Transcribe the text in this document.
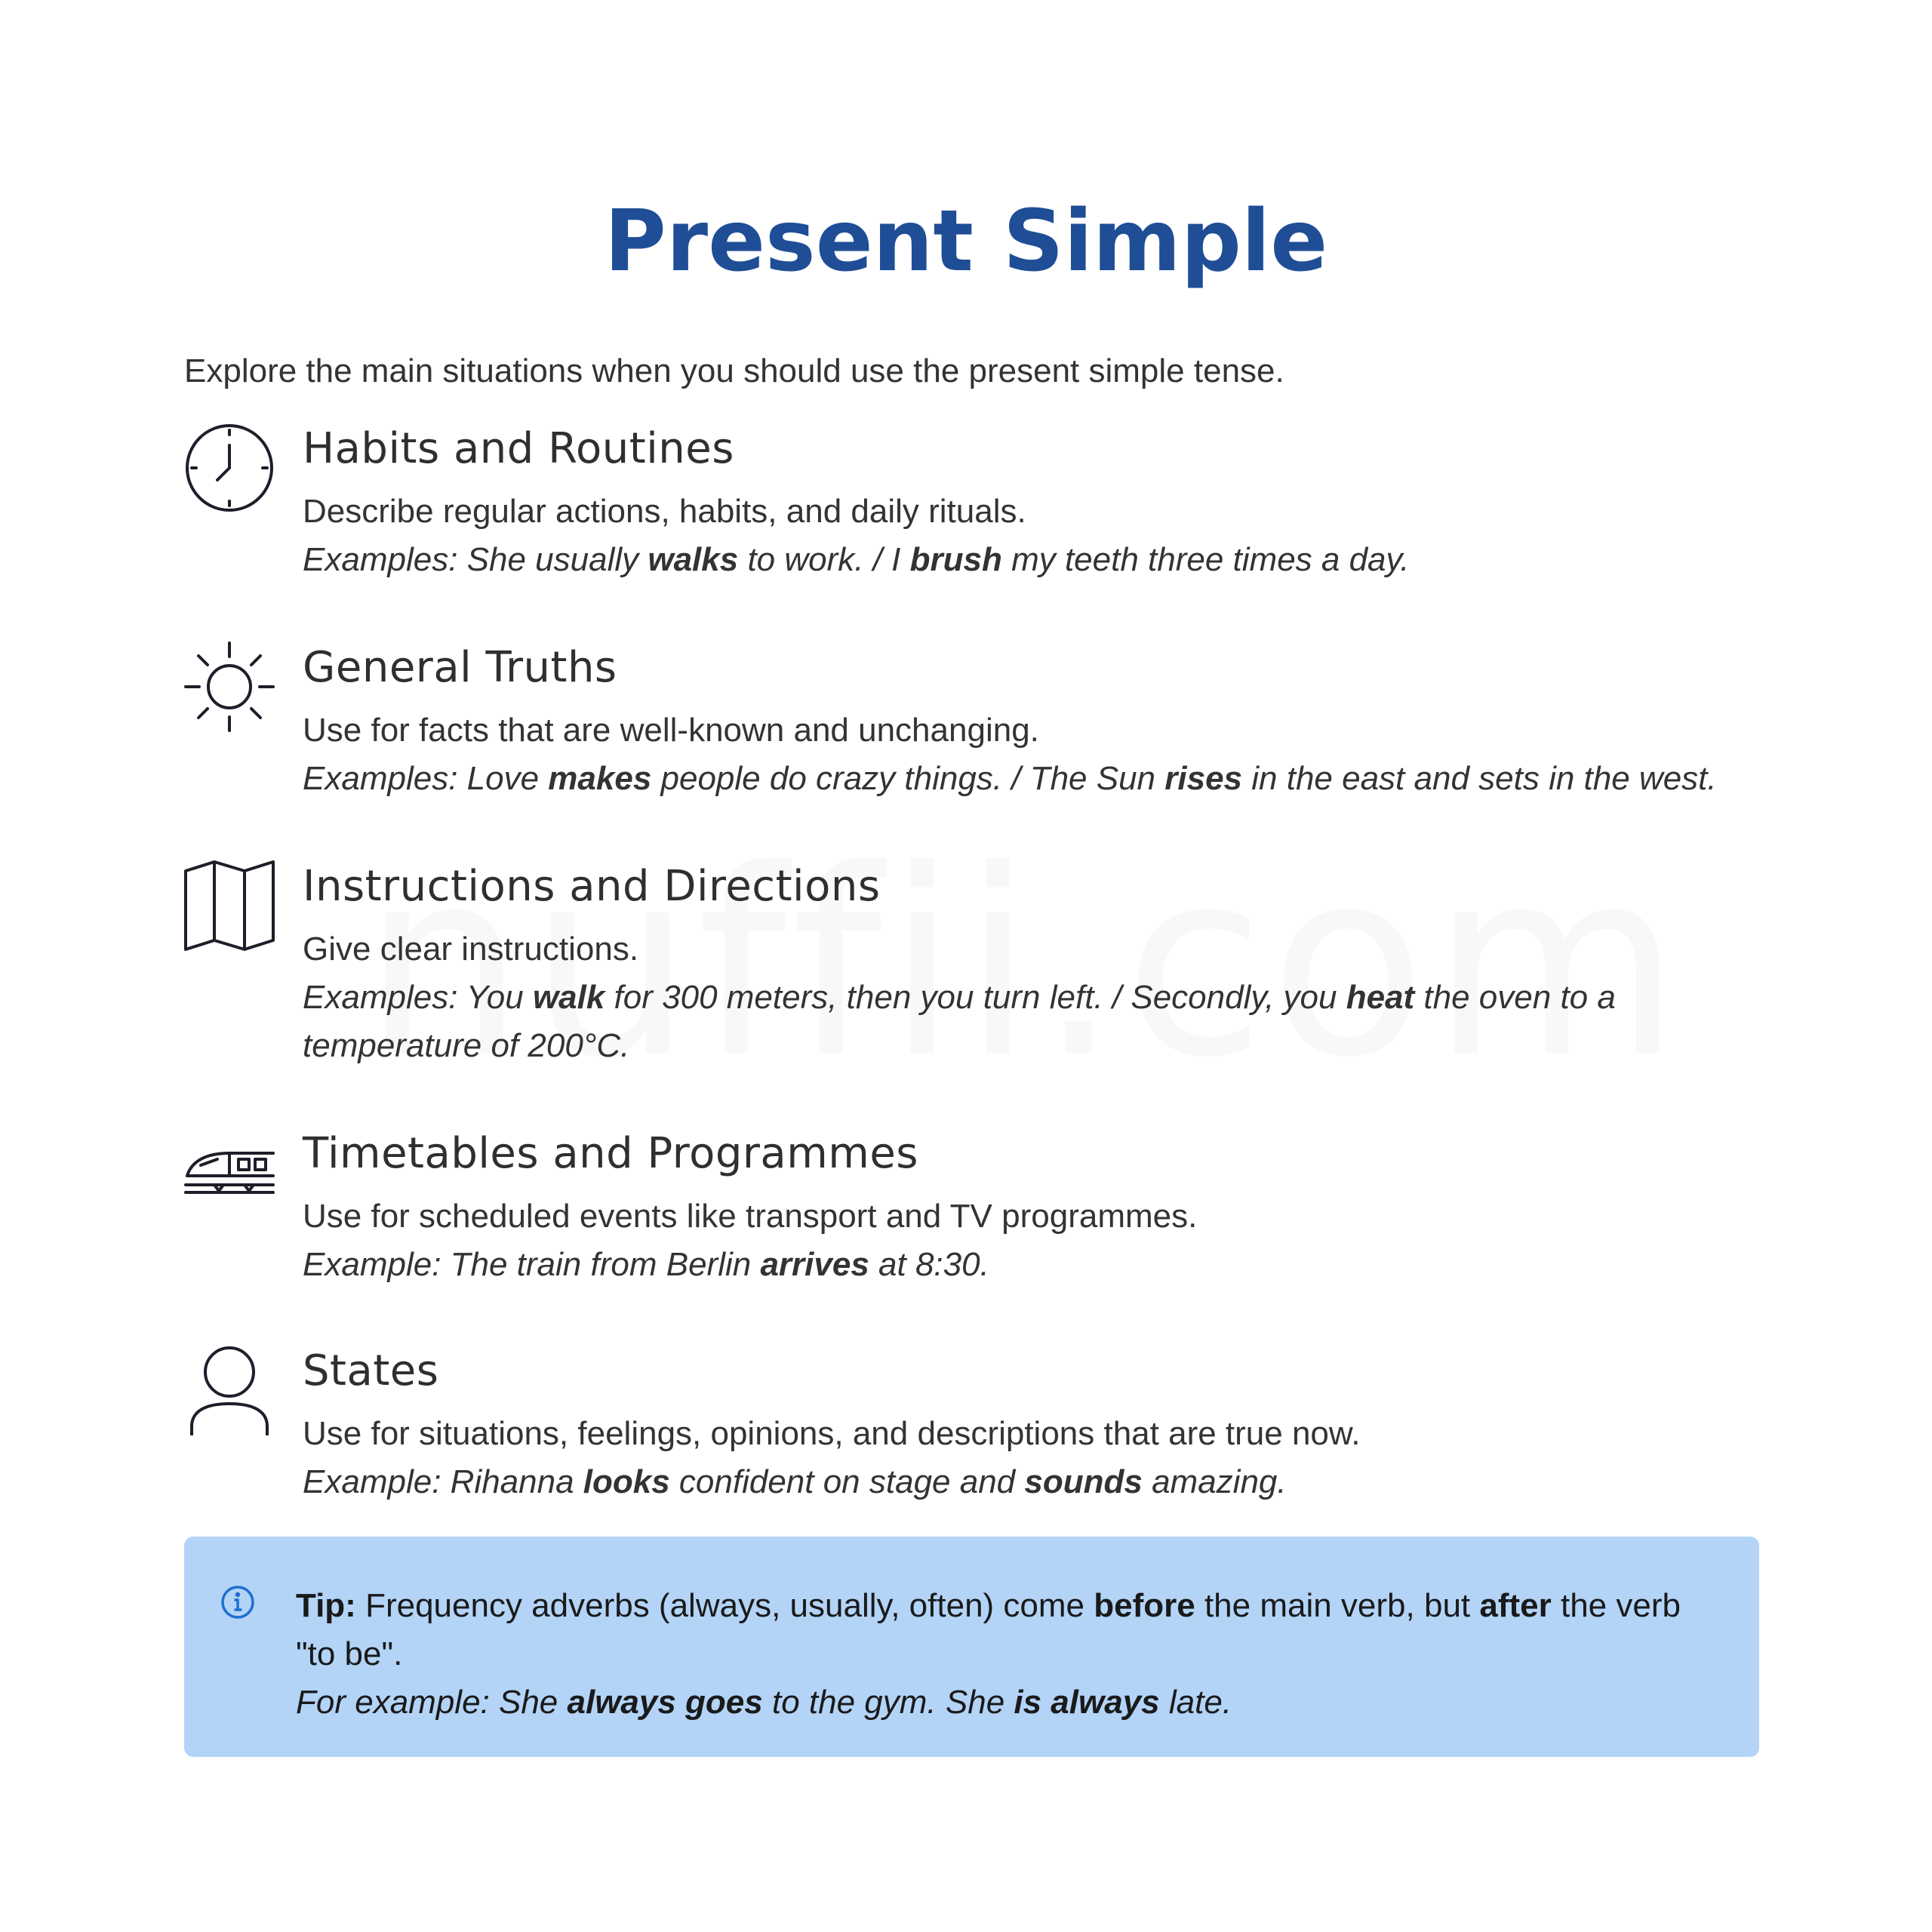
Present Simple

Explore the main situations when you should use the present simple tense.

Habits and Routines

Describe regular actions, habits, and daily rituals.

Examples: She usually walks to work. / I brush my teeth three times a day.

General Truths

Use for facts that are well-known and unchanging.

Examples: Love makes people do crazy things. / The Sun rises in the east and sets in the west.

Instructions and Directions

Give clear instructions.

Examples: You walk for 300 meters, then you turn left. / Secondly, you heat the oven to a temperature of 200°C.

Timetables and Programmes

Use for scheduled events like transport and TV programmes.

Example: The train from Berlin arrives at 8:30.

States

Use for situations, feelings, opinions, and descriptions that are true now.

Example: Rihanna looks confident on stage and sounds amazing.

Tip: Frequency adverbs (always, usually, often) come before the main verb, but after the verb "to be".
For example: She always goes to the gym. She is always late.
